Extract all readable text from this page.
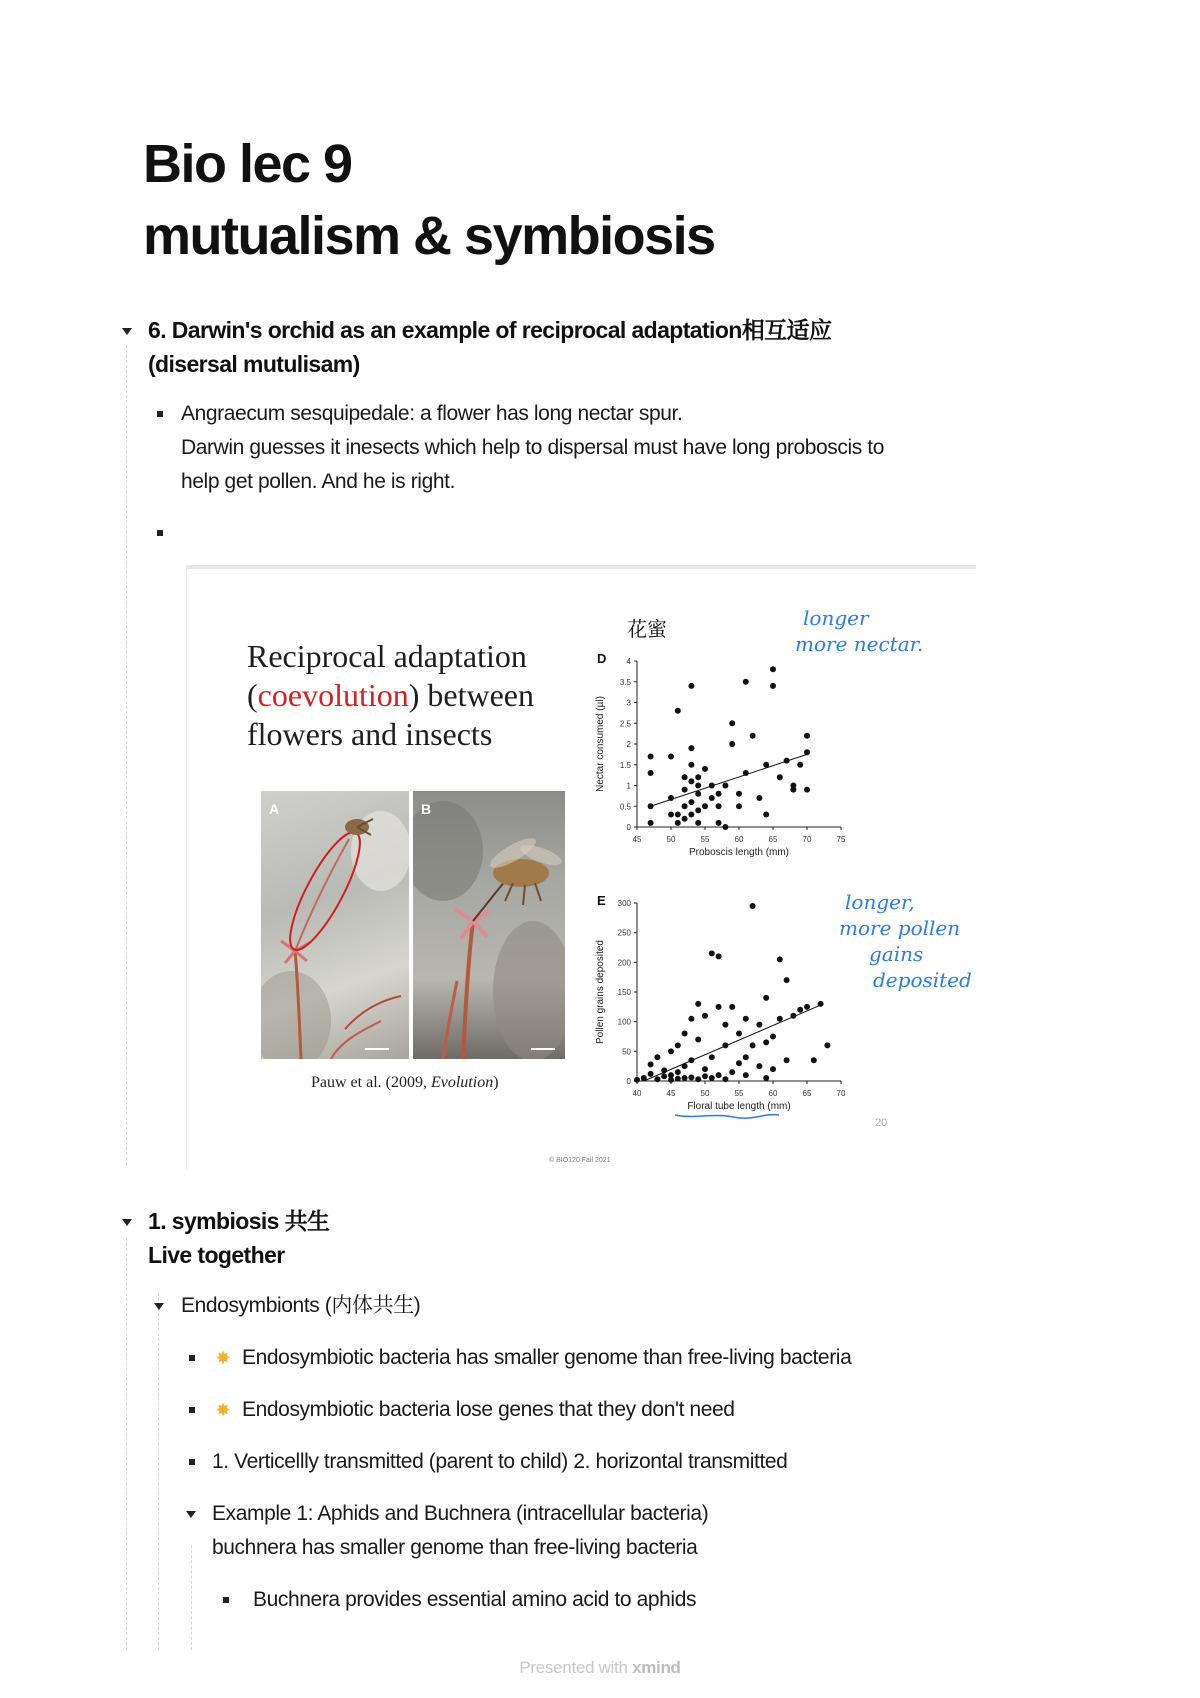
Bio lec 9
mutualism & symbiosis
6. Darwin's orchid as an example of reciprocal adaptation相互适应
(disersal mutulisam)
Angraecum sesquipedale: a flower has long nectar spur.
Darwin guesses it inesects which help to dispersal must have long proboscis to
help get pollen. And he is right.
Reciprocal adaptation
(coevolution) between
flowers and insects
A	B
Pauw et al. (2009, Evolution)
© BIO120 Fall 2021
20
D
45	50	55	60	65	70	75
0
0.5
1
1.5
2
2.5
3
3.5
4
Proboscis length (mm)
Nectar consumed (µl)
E
40	45	50	55	60	65	70
0
50
100
150
200
250
300
Floral tube length (mm)
Pollen grains deposited
花蜜	longer
more nectar.
longer,
more pollen
gains
deposited
1. symbiosis 共生
Live together
Endosymbionts (内体共生)
✸ Endosymbiotic bacteria has smaller genome than free-living bacteria
✸ Endosymbiotic bacteria lose genes that they don't need
1. Verticellly transmitted (parent to child) 2. horizontal transmitted
Example 1: Aphids and Buchnera (intracellular bacteria)
buchnera has smaller genome than free-living bacteria
Buchnera provides essential amino acid to aphids
Presented with xmind
